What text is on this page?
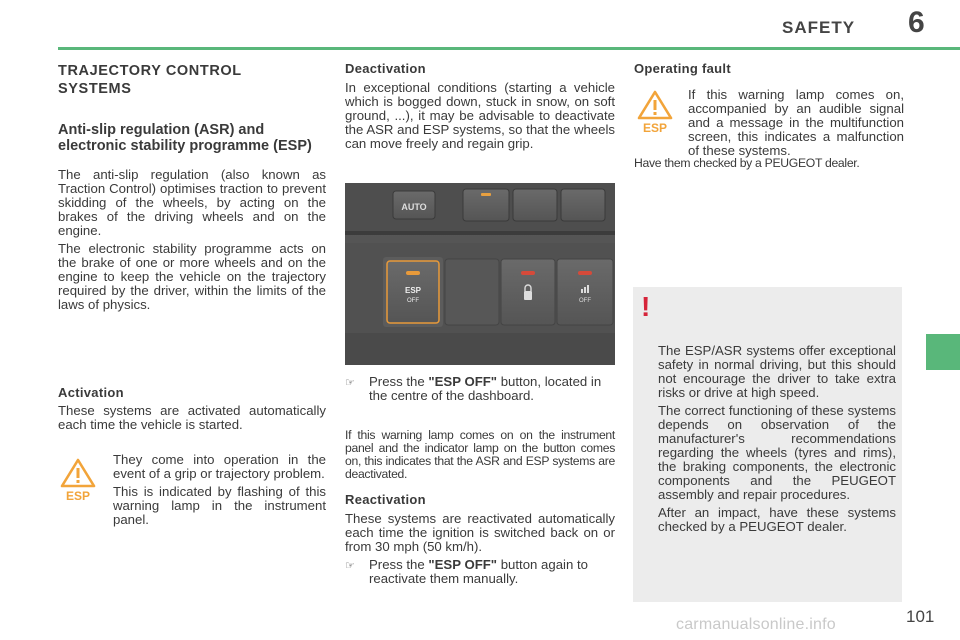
SAFETY 6
TRAJECTORY CONTROL
SYSTEMS
Anti-slip regulation (ASR) and electronic stability programme (ESP)

The anti-slip regulation (also known as Traction Control) optimises traction to prevent skidding of the wheels, by acting on the brakes of the driving wheels and on the engine.

The electronic stability programme acts on the brake of one or more wheels and on the engine to keep the vehicle on the trajectory required by the driver, within the limits of the laws of physics.

Activation

These systems are activated automatically each time the vehicle is started.

ESP

They come into operation in the event of a grip or trajectory problem.

This is indicated by flashing of this warning lamp in the instrument panel.

Deactivation

In exceptional conditions (starting a vehicle which is bogged down, stuck in snow, on soft ground, ...), it may be advisable to deactivate the ASR and ESP systems, so that the wheels can move freely and regain grip.

AUTO
ESP
OFF	OFF
☞	Press the "ESP OFF" button, located in the centre of the dashboard.
If this warning lamp comes on on the instrument panel and the indicator lamp on the button comes on, this indicates that the ASR and ESP systems are deactivated.
Reactivation

These systems are reactivated automatically each time the ignition is switched back on or from 30 mph (50 km/h).

☞	Press the "ESP OFF" button again to reactivate them manually.
Operating fault
ESP
If this warning lamp comes on, accompanied by an audible signal and a message in the multifunction screen, this indicates a malfunction of these systems.
Have them checked by a PEUGEOT dealer.
!

The ESP/ASR systems offer exceptional safety in normal driving, but this should not encourage the driver to take extra risks or drive at high speed.

The correct functioning of these systems depends on observation of the manufacturer's recommendations regarding the wheels (tyres and rims), the braking components, the electronic components and the PEUGEOT assembly and repair procedures.

After an impact, have these systems checked by a PEUGEOT dealer.

101
carmanualsonline.info
